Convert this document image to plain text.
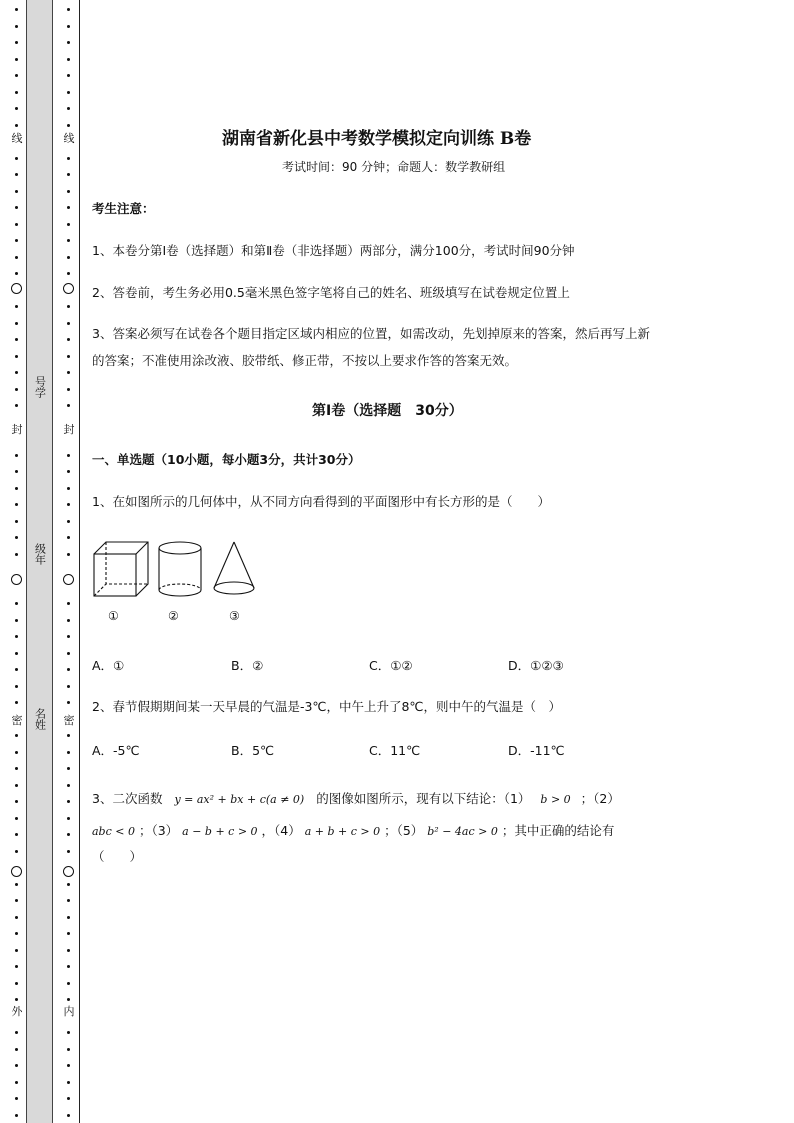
线
封
密
外
号学
级年
名姓
线
封
密
内
湖南省新化县中考数学模拟定向训练 B卷
考试时间：90 分钟；命题人：数学教研组
考生注意：
1、本卷分第Ⅰ卷（选择题）和第Ⅱ卷（非选择题）两部分，满分100分，考试时间90分钟
2、答卷前，考生务必用0.5毫米黑色签字笔将自己的姓名、班级填写在试卷规定位置上
3、答案必须写在试卷各个题目指定区域内相应的位置，如需改动，先划掉原来的答案，然后再写上新
的答案；不准使用涂改液、胶带纸、修正带，不按以上要求作答的答案无效。
第Ⅰ卷（选择题　30分）
一、单选题（10小题，每小题3分，共计30分）
1、在如图所示的几何体中，从不同方向看得到的平面图形中有长方形的是（　　）
①	②	③
A．①	B．②	C．①②	D．①②③
2、春节假期期间某一天早晨的气温是-3℃，中午上升了8℃，则中午的气温是（　）
A．-5℃	B．5℃	C．11℃	D．-11℃
3、二次函数 y = ax² + bx + c(a ≠ 0) 的图像如图所示，现有以下结论：（1） b > 0 ；（2）
abc < 0 ；（3） a − b + c > 0 ，（4） a + b + c > 0 ；（5） b² − 4ac > 0 ；其中正确的结论有
（　　）
